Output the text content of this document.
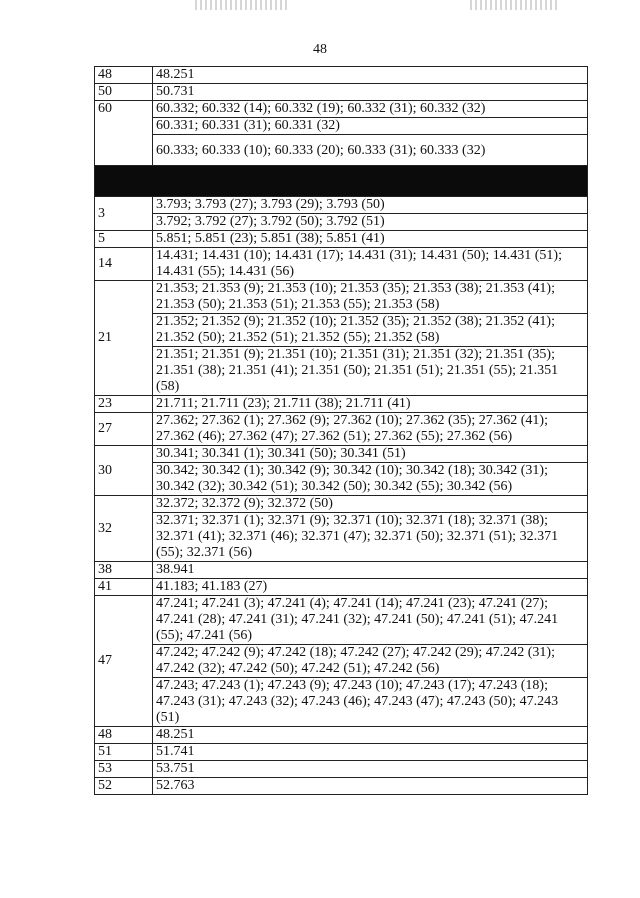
48
48	48.251
50	50.731
60	60.332; 60.332 (14); 60.332 (19); 60.332 (31); 60.332 (32)
	60.331; 60.331 (31); 60.331 (32)
	60.333; 60.333 (10); 60.333 (20); 60.333 (31); 60.333 (32)

3	3.793; 3.793 (27); 3.793 (29); 3.793 (50)
	3.792; 3.792 (27); 3.792 (50); 3.792 (51)
5	5.851; 5.851 (23); 5.851 (38); 5.851 (41)
14	14.431; 14.431 (10); 14.431 (17); 14.431 (31); 14.431 (50); 14.431 (51); 14.431 (55); 14.431 (56)
21	21.353; 21.353 (9); 21.353 (10); 21.353 (35); 21.353 (38); 21.353 (41); 21.353 (50); 21.353 (51); 21.353 (55); 21.353 (58)
	21.352; 21.352 (9); 21.352 (10); 21.352 (35); 21.352 (38); 21.352 (41); 21.352 (50); 21.352 (51); 21.352 (55); 21.352 (58)
	21.351; 21.351 (9); 21.351 (10); 21.351 (31); 21.351 (32); 21.351 (35); 21.351 (38); 21.351 (41); 21.351 (50); 21.351 (51); 21.351 (55); 21.351 (58)
23	21.711; 21.711 (23); 21.711 (38); 21.711 (41)
27	27.362; 27.362 (1); 27.362 (9); 27.362 (10); 27.362 (35); 27.362 (41); 27.362 (46); 27.362 (47); 27.362 (51); 27.362 (55); 27.362 (56)
30	30.341; 30.341 (1); 30.341 (50); 30.341 (51)
	30.342; 30.342 (1); 30.342 (9); 30.342 (10); 30.342 (18); 30.342 (31); 30.342 (32); 30.342 (51); 30.342 (50); 30.342 (55); 30.342 (56)
32	32.372; 32.372 (9); 32.372 (50)
	32.371; 32.371 (1); 32.371 (9); 32.371 (10); 32.371 (18); 32.371 (38); 32.371 (41); 32.371 (46); 32.371 (47); 32.371 (50); 32.371 (51); 32.371 (55); 32.371 (56)
38	38.941
41	41.183; 41.183 (27)
47	47.241; 47.241 (3); 47.241 (4); 47.241 (14); 47.241 (23); 47.241 (27); 47.241 (28); 47.241 (31); 47.241 (32); 47.241 (50); 47.241 (51); 47.241 (55); 47.241 (56)
	47.242; 47.242 (9); 47.242 (18); 47.242 (27); 47.242 (29); 47.242 (31); 47.242 (32); 47.242 (50); 47.242 (51); 47.242 (56)
	47.243; 47.243 (1); 47.243 (9); 47.243 (10); 47.243 (17); 47.243 (18); 47.243 (31); 47.243 (32); 47.243 (46); 47.243 (47); 47.243 (50); 47.243 (51)
48	48.251
51	51.741
53	53.751
52	52.763
